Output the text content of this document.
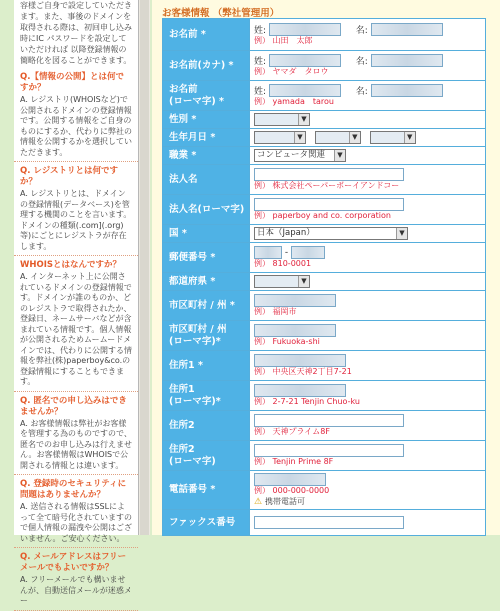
容様ご自身で設定していただきます。また、事後のドメインを取得される際は、初回申し込み時にIC パスワードを設定していただければ 以降登録情報の簡略化を図ることができます。
Q.【情報の公開】とは何ですか？
A. レジストリ(WHOISなど)で公開されるドメインの登録情報です。公開する情報をご自身のものにするか、代わりに弊社の情報を公開するかを選択していただきます。
Q. レジストリとは何ですか？
A. レジストリとは、ドメインの登録情報(データベース)を管理する機関のことを言います。ドメインの種類(.com](.org)等)にごとにレジストラが存在します。
WHOISとはなんですか？
A. インターネット上に公開されているドメインの登録情報です。ドメインが誰のものか、どのレジストラで取得されたか、登録日、ネームサーバなどが含まれている情報です。個人情報が公開されるためムームードメインでは、代わりに公開する情報を弊社(株)paperboy&co.の登録情報にすることもできます。
Q. 匿名での申し込みはできませんか？
A. お客様情報は弊社がお客様を管理する為のものですので、匿名でのお申し込みは行えません。お客様情報はWHOISで公開される情報とは違います。
Q. 登録時のセキュリティに問題はありませんか？
A. 送信される情報はSSLによって全て暗号化されていますので個人情報の漏洩や公開はございません。ご安心ください。
Q. メールアドレスはフリーメールでもよいですか？
A. フリーメールでも構いませんが、自動送信メールが迷惑メー
お客様情報 （弊社管理用）
お名前 *	姓: 名:
例） 山田　太郎

お名前(カナ) *	姓: 名:
例） ヤマダ　タロウ

お名前
(ローマ字) *	姓: 名:
例） yamada　tarou

性別 *	▼

生年月日 *	▼
▼
▼

職業 *	コンピュータ関連 ▼

法人名	例） 株式会社ペーパーボーイアンドコー

法人名(ローマ字)	例） paperboy and co. corporation

国 *	日本（Japan） ▼

郵便番号 *	-
例） 810-0001

都道府県 *	▼

市区町村 / 州 *	例） 福岡市

市区町村 / 州
(ローマ字)*	例） Fukuoka-shi

住所1 *	例） 中央区天神2丁目7-21

住所1
(ローマ字)*	例） 2-7-21 Tenjin Chuo-ku

住所2	例） 天神プライム8F

住所2
(ローマ字)	例） Tenjin Prime 8F

電話番号 *	例） 000-000-0000
⚠ 携帯電話可
ファックス番号	
